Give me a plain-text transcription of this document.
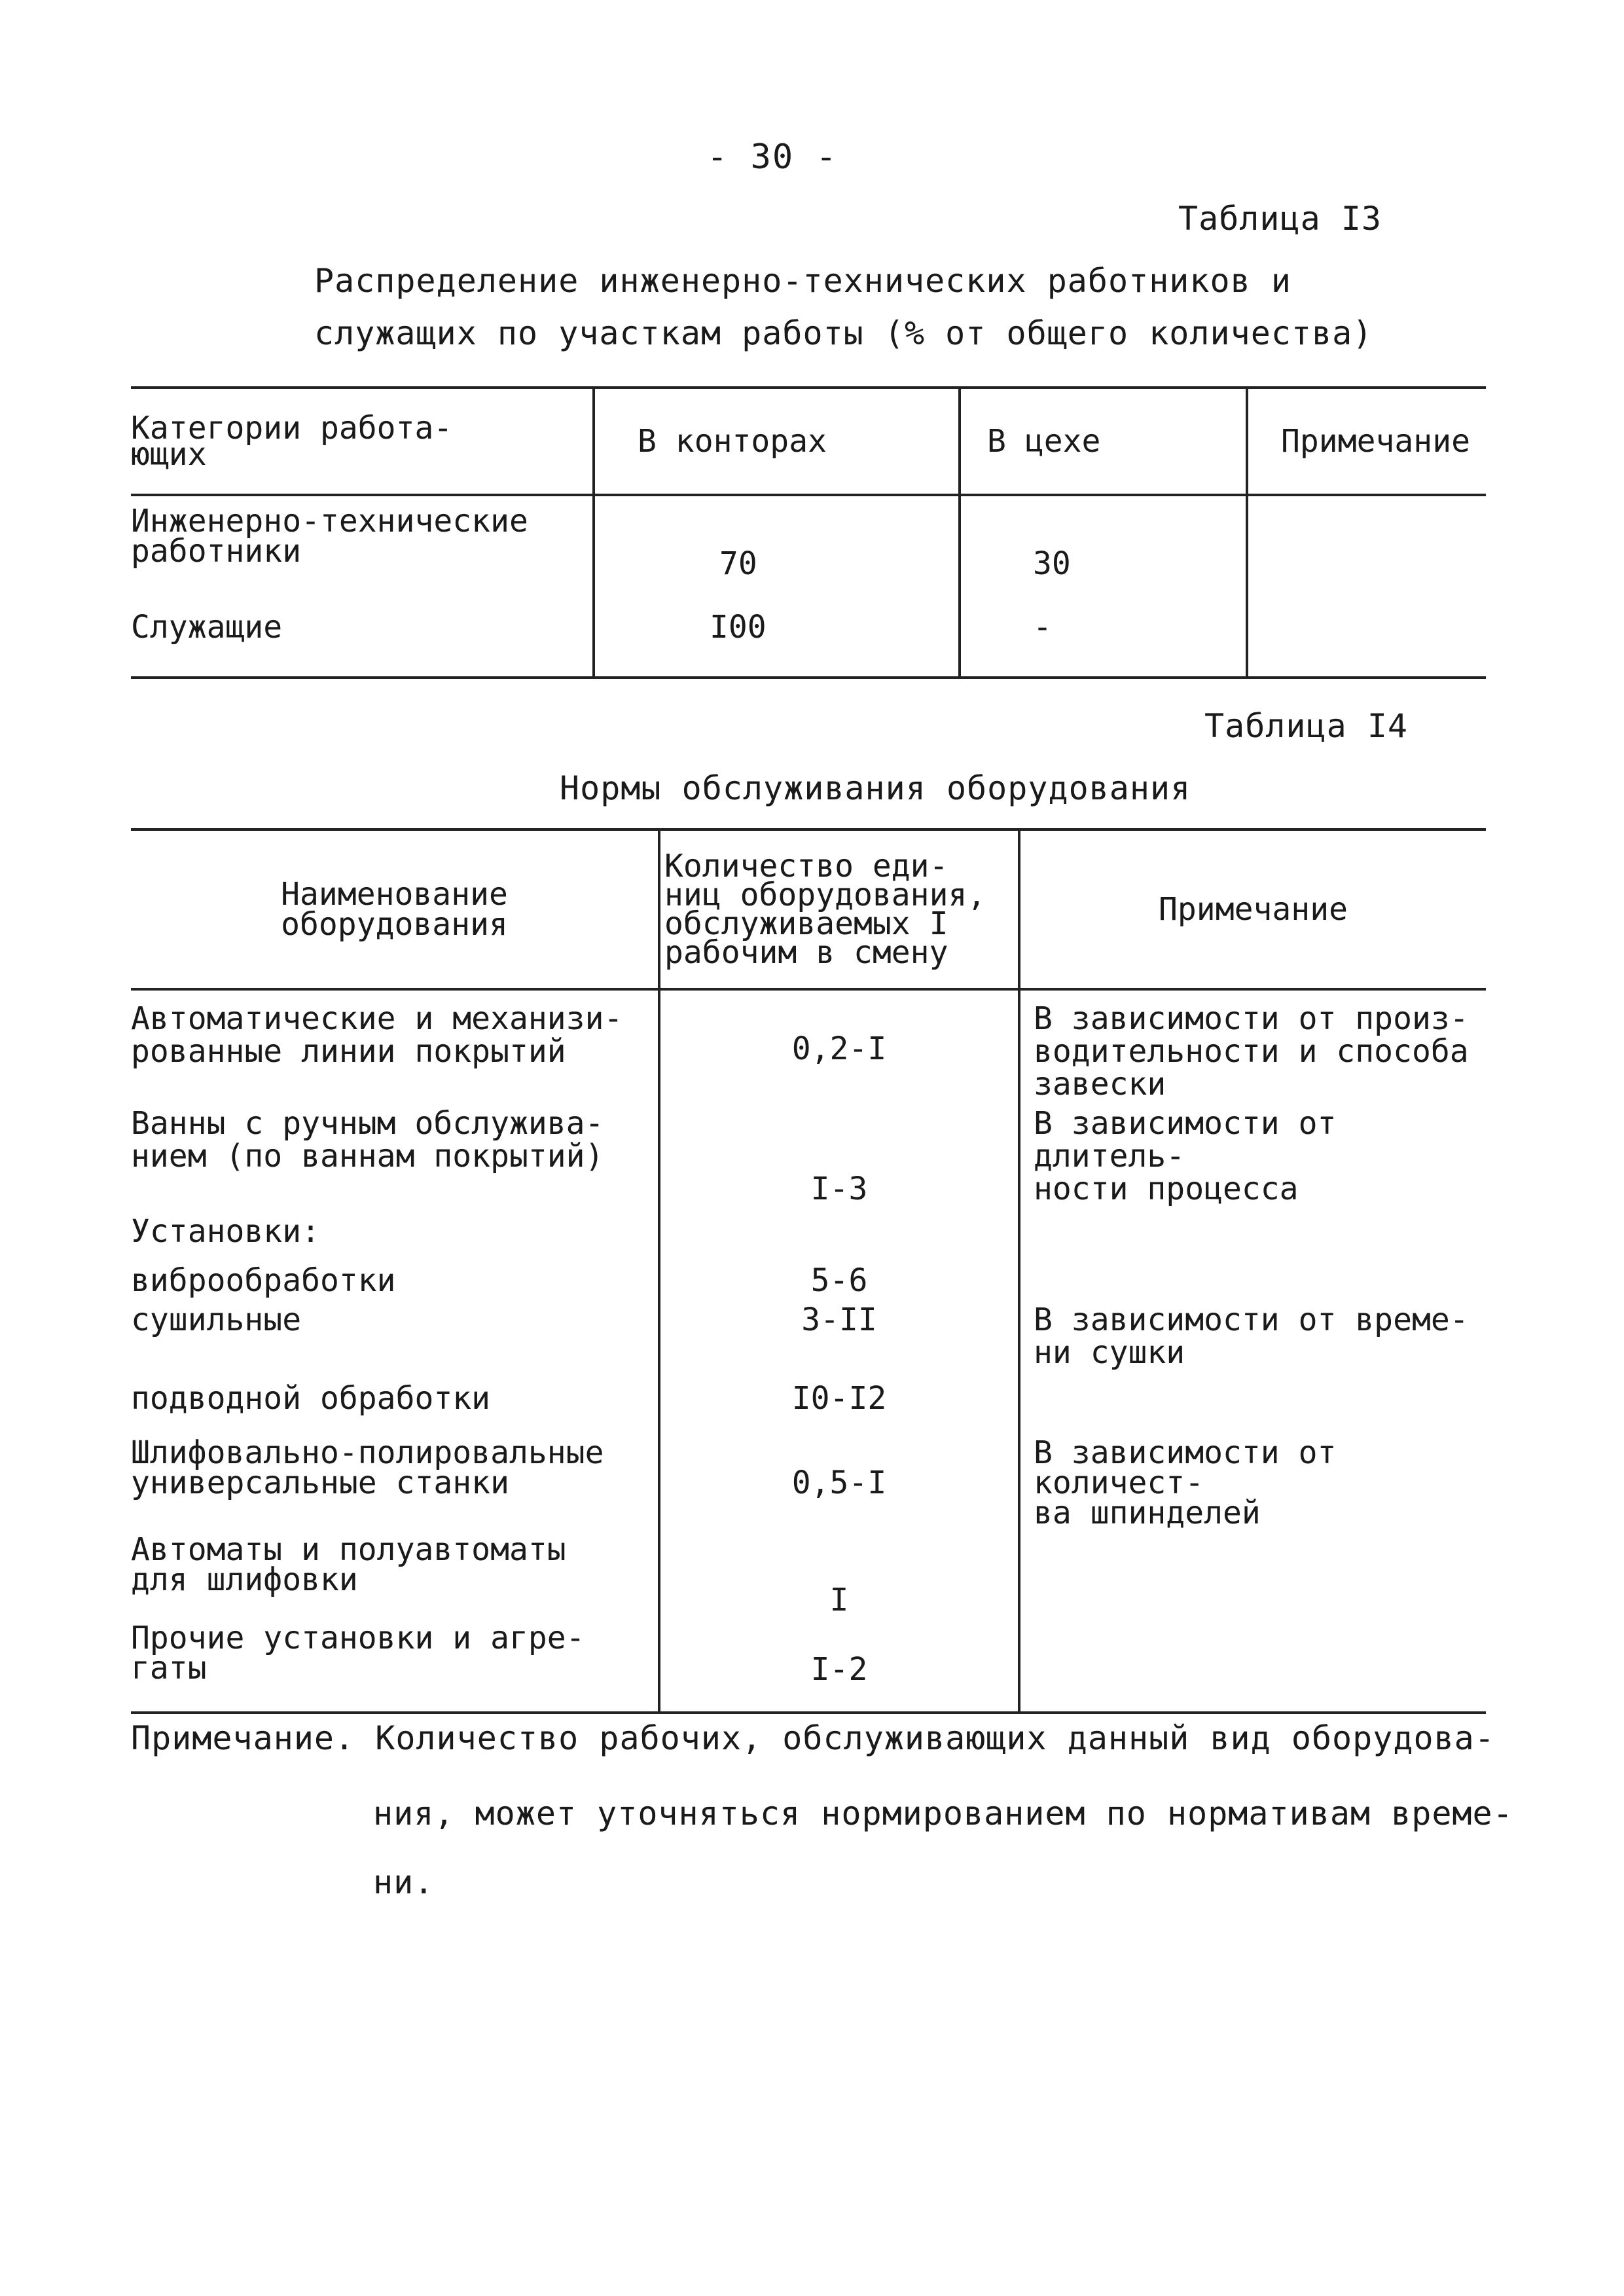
- 30 -
Таблица I3
Распределение инженерно-технических работников и
служащих по участкам работы (% от общего количества)
Категории работа-
ющих	В конторах	В цехе	Примечание
Инженерно-технические
работники	70	30	
Служащие	I00	-	
Таблица I4
Нормы обслуживания оборудования
Наименование
оборудования	Количество еди-
ниц оборудования,
обслуживаемых I
рабочим в смену	Примечание
Автоматические и механизи-
рованные линии покрытий	0,2-I	В зависимости от произ-
водительности и способа
завески
Ванны с ручным обслужива-
нием (по ваннам покрытий)	I-3	В зависимости от длитель-
ности процесса
Установки:		
виброобработки	5-6	
сушильные	3-II	В зависимости от време-
ни сушки
подводной обработки	I0-I2	
Шлифовально-полировальные
универсальные станки	0,5-I	В зависимости от количест-
ва шпинделей
Автоматы и полуавтоматы
для шлифовки	I	
Прочие установки и агре-
гаты	I-2	
Примечание. Количество рабочих, обслуживающих данный вид оборудова-
ния, может уточняться нормированием по нормативам време-
ни.
